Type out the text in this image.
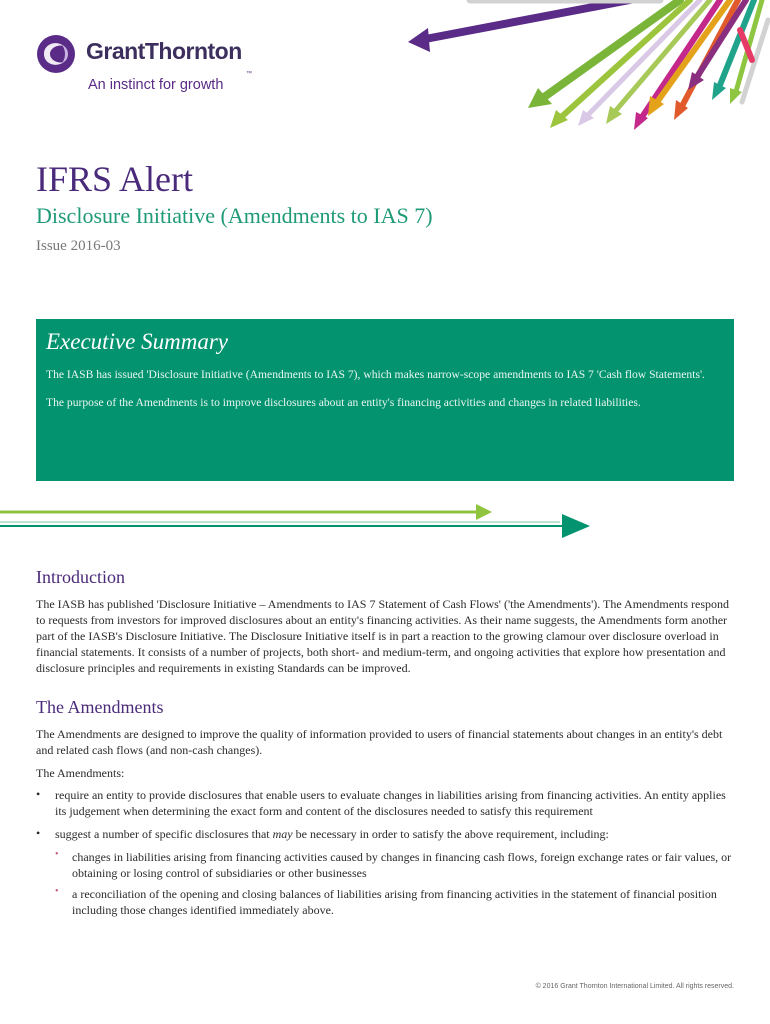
GrantThornton
An instinct for growth
™
IFRS Alert
Disclosure Initiative (Amendments to IAS 7)
Issue 2016-03
Executive Summary

The IASB has issued 'Disclosure Initiative (Amendments to IAS 7), which makes narrow-scope amendments to IAS 7 'Cash flow Statements'.

The purpose of the Amendments is to improve disclosures about an entity's financing activities and changes in related liabilities.

Introduction

The IASB has published 'Disclosure Initiative – Amendments to IAS 7 Statement of Cash Flows' ('the Amendments'). The Amendments respond to requests from investors for improved disclosures about an entity's financing activities. As their name suggests, the Amendments form another part of the IASB's Disclosure Initiative. The Disclosure Initiative itself is in part a reaction to the growing clamour over disclosure overload in financial statements. It consists of a number of projects, both short- and medium-term, and ongoing activities that explore how presentation and disclosure principles and requirements in existing Standards can be improved.

The Amendments

The Amendments are designed to improve the quality of information provided to users of financial statements about changes in an entity's debt and related cash flows (and non-cash changes).

The Amendments:

• require an entity to provide disclosures that enable users to evaluate changes in liabilities arising from financing activities. An entity applies its judgement when determining the exact form and content of the disclosures needed to satisfy this requirement
• suggest a number of specific disclosures that may be necessary in order to satisfy the above requirement, including:
• changes in liabilities arising from financing activities caused by changes in financing cash flows, foreign exchange rates or fair values, or obtaining or losing control of subsidiaries or other businesses
• a reconciliation of the opening and closing balances of liabilities arising from financing activities in the statement of financial position including those changes identified immediately above.
© 2016 Grant Thornton International Limited. All rights reserved.
